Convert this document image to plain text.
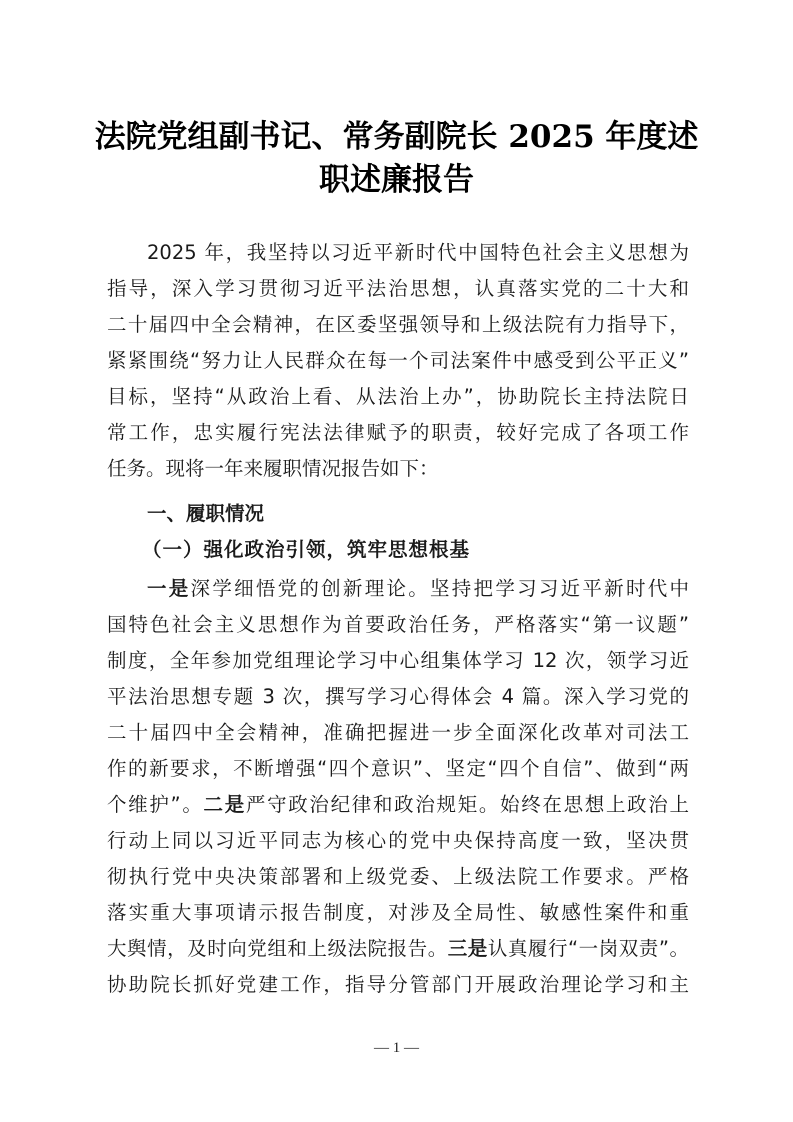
法院党组副书记、常务副院长 2025 年度述
职述廉报告
2025 年，我坚持以习近平新时代中国特色社会主义思想为
指导，深入学习贯彻习近平法治思想，认真落实党的二十大和
二十届四中全会精神，在区委坚强领导和上级法院有力指导下，
紧紧围绕“努力让人民群众在每一个司法案件中感受到公平正义”
目标，坚持“从政治上看、从法治上办”，协助院长主持法院日
常工作，忠实履行宪法法律赋予的职责，较好完成了各项工作
任务。现将一年来履职情况报告如下：
一、履职情况
（一）强化政治引领，筑牢思想根基
一是深学细悟党的创新理论。坚持把学习习近平新时代中
国特色社会主义思想作为首要政治任务，严格落实“第一议题”
制度，全年参加党组理论学习中心组集体学习 12 次，领学习近
平法治思想专题 3 次，撰写学习心得体会 4 篇。深入学习党的
二十届四中全会精神，准确把握进一步全面深化改革对司法工
作的新要求，不断增强“四个意识”、坚定“四个自信”、做到“两
个维护”。二是严守政治纪律和政治规矩。始终在思想上政治上
行动上同以习近平同志为核心的党中央保持高度一致，坚决贯
彻执行党中央决策部署和上级党委、上级法院工作要求。严格
落实重大事项请示报告制度，对涉及全局性、敏感性案件和重
大舆情，及时向党组和上级法院报告。三是认真履行“一岗双责”。
协助院长抓好党建工作，指导分管部门开展政治理论学习和主
— 1 —
